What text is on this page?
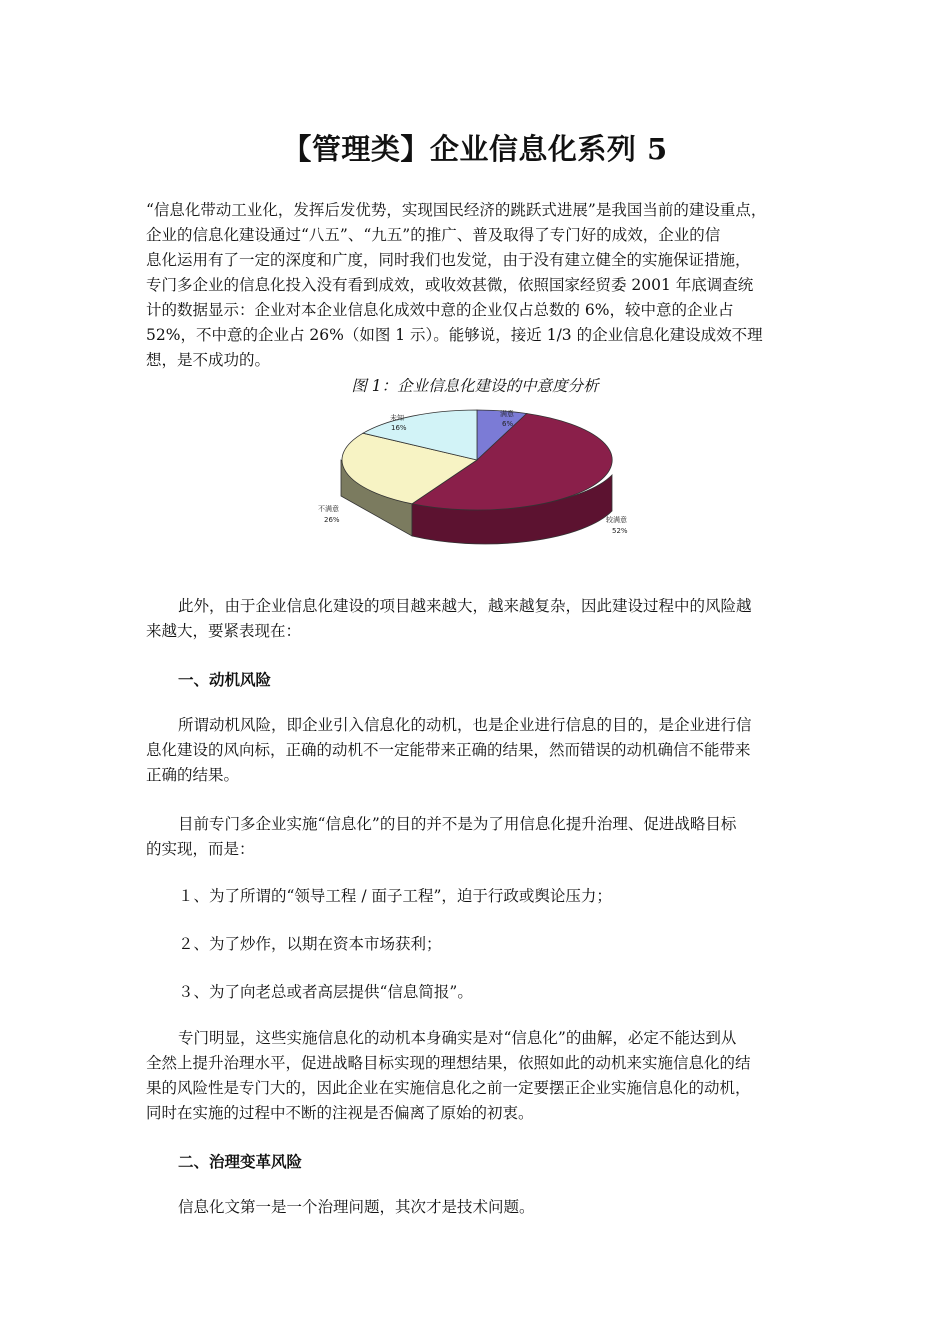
【管理类】企业信息化系列 5
“信息化带动工业化，发挥后发优势，实现国民经济的跳跃式进展”是我国当前的建设重点，
企业的信息化建设通过“八五”、“九五”的推广、普及取得了专门好的成效，企业的信
息化运用有了一定的深度和广度，同时我们也发觉，由于没有建立健全的实施保证措施，
专门多企业的信息化投入没有看到成效，或收效甚微，依照国家经贸委 2001 年底调查统
计的数据显示：企业对本企业信息化成效中意的企业仅占总数的 6%，较中意的企业占
52%，不中意的企业占 26%（如图 1 示）。能够说，接近 1/3 的企业信息化建设成效不理
想，是不成功的。

图 1：企业信息化建设的中意度分析

未知
16%
满意
6%
不满意
26%	较满意
52%
此外，由于企业信息化建设的项目越来越大，越来越复杂，因此建设过程中的风险越
来越大，要紧表现在：

一、动机风险

所谓动机风险，即企业引入信息化的动机，也是企业进行信息的目的，是企业进行信
息化建设的风向标，正确的动机不一定能带来正确的结果，然而错误的动机确信不能带来
正确的结果。
目前专门多企业实施“信息化”的目的并不是为了用信息化提升治理、促进战略目标
的实现，而是：

１、为了所谓的“领导工程 / 面子工程”，迫于行政或舆论压力；

２、为了炒作，以期在资本市场获利；

３、为了向老总或者高层提供“信息简报”。

专门明显，这些实施信息化的动机本身确实是对“信息化”的曲解，必定不能达到从
全然上提升治理水平，促进战略目标实现的理想结果，依照如此的动机来实施信息化的结
果的风险性是专门大的，因此企业在实施信息化之前一定要摆正企业实施信息化的动机，
同时在实施的过程中不断的注视是否偏离了原始的初衷。

二、治理变革风险

信息化文第一是一个治理问题，其次才是技术问题。
